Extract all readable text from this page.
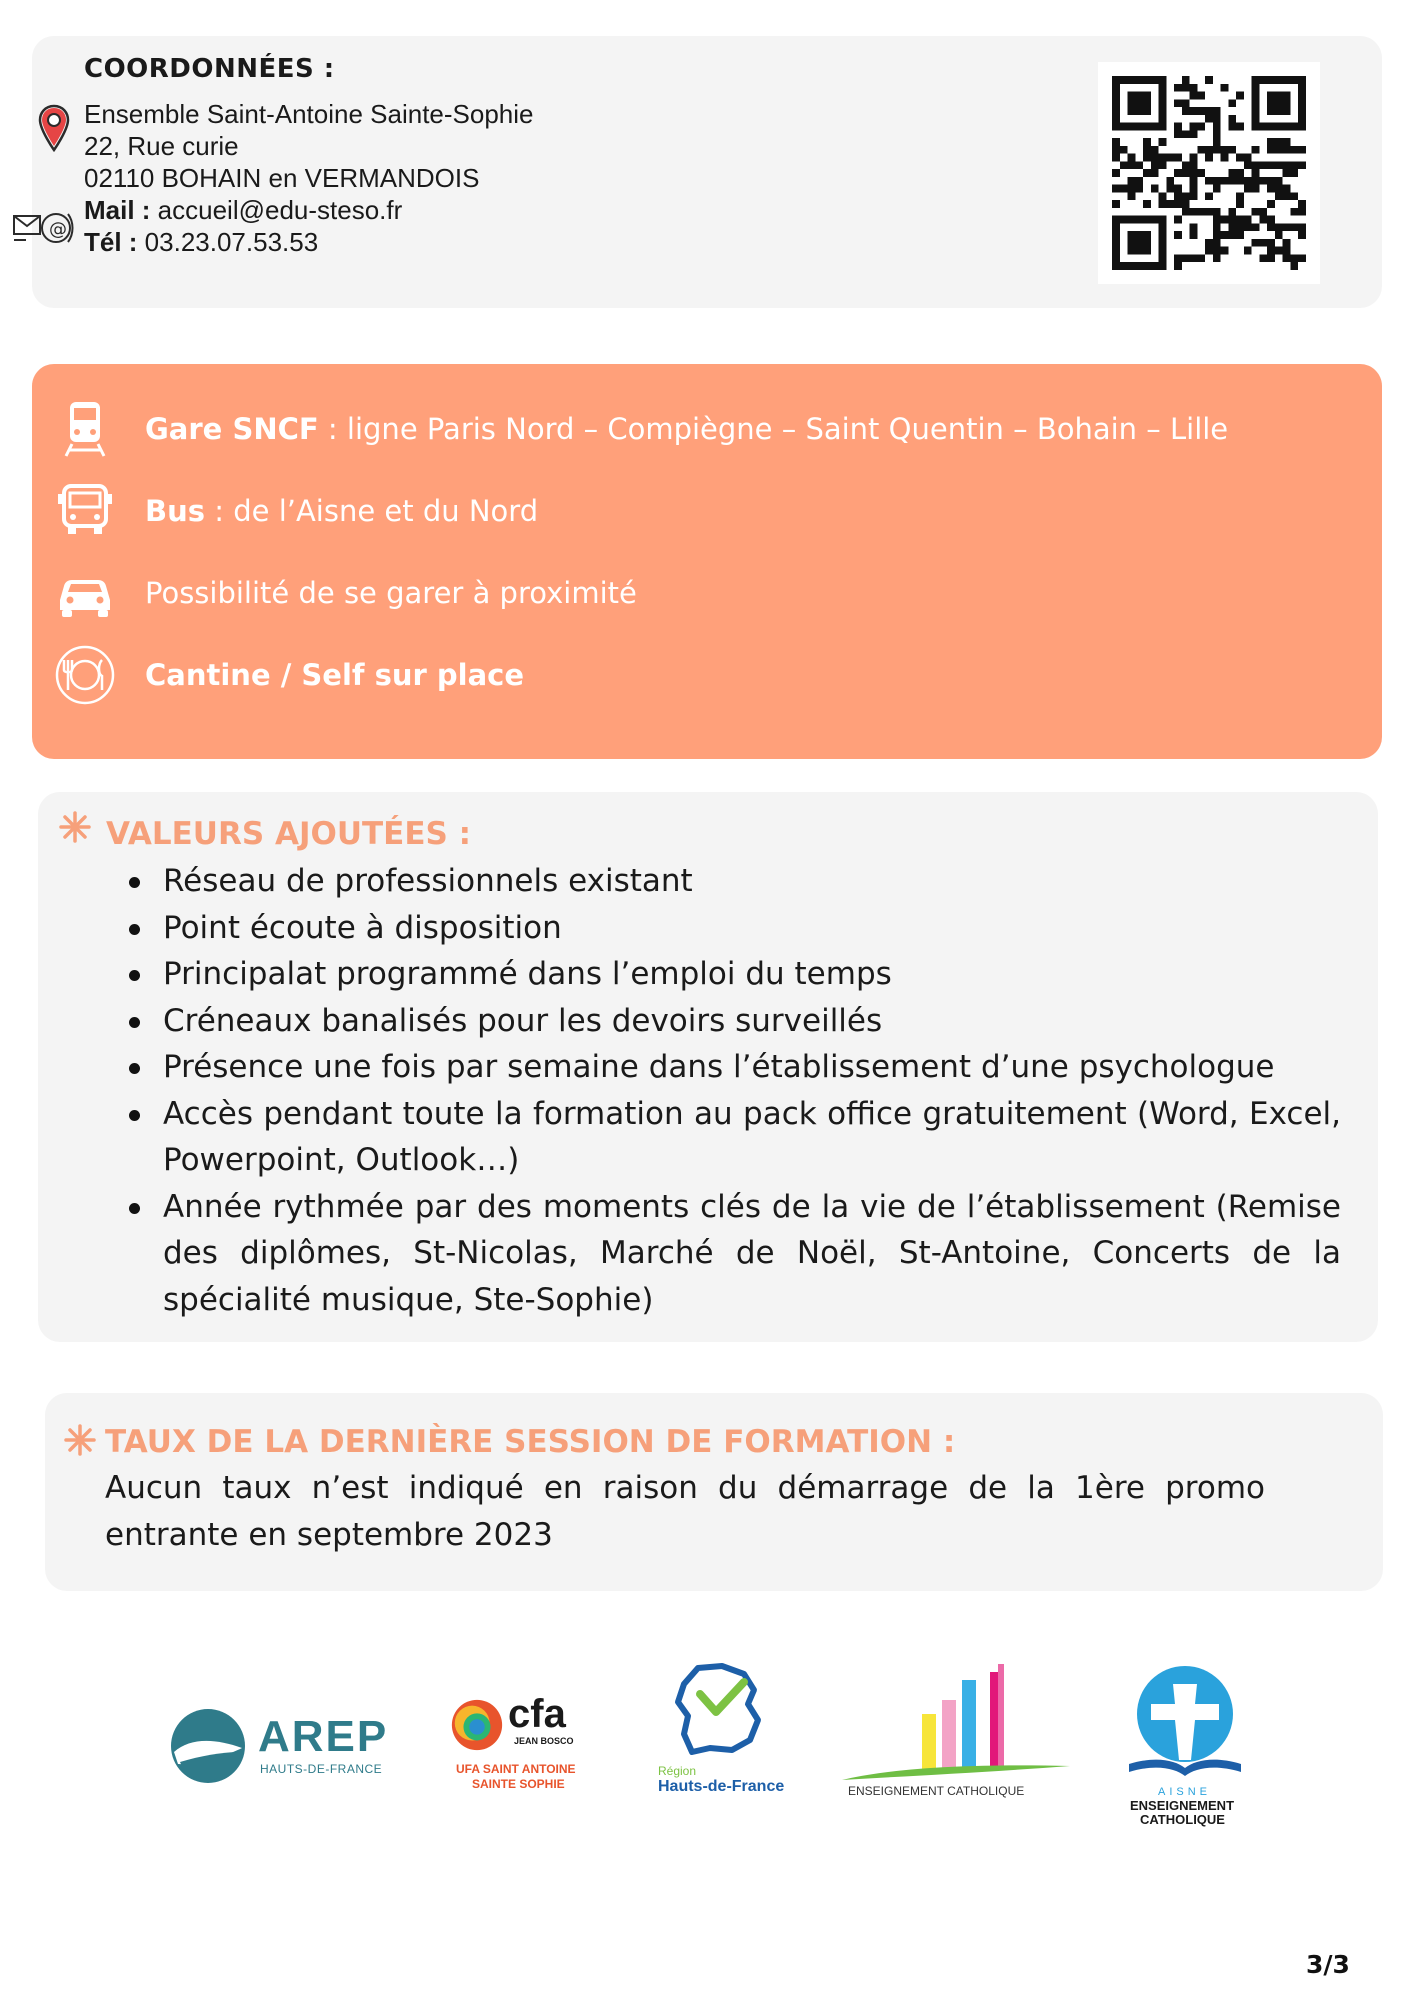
COORDONNÉES :
@
Ensemble Saint-Antoine Sainte-Sophie
22, Rue curie
02110 BOHAIN en VERMANDOIS
Mail : accueil@edu-steso.fr
Tél : 03.23.07.53.53
Gare SNCF : ligne Paris Nord – Compiègne – Saint Quentin – Bohain – Lille
Bus : de l’Aisne et du Nord
Possibilité de se garer à proximité
Cantine / Self sur place
VALEURS AJOUTÉES :
Réseau de professionnels existant
Point écoute à disposition
Principalat programmé dans l’emploi du temps
Créneaux banalisés pour les devoirs surveillés
Présence une fois par semaine dans l’établissement d’une psychologue
Accès pendant toute la formation au pack office gratuitement (Word, Excel, Powerpoint, Outlook…)
Année rythmée par des moments clés de la vie de l’établissement (Remise des diplômes, St-Nicolas, Marché de Noël, St-Antoine, Concerts de la spécialité musique, Ste-Sophie)
TAUX DE LA DERNIÈRE SESSION DE FORMATION :
Aucun taux n’est indiqué en raison du démarrage de la 1ère promo entrante en septembre 2023
AREP
HAUTS-DE-FRANCE
cfa
JEAN BOSCO
UFA SAINT ANTOINE
SAINTE SOPHIE
Région
Hauts-de-France	ENSEIGNEMENT CATHOLIQUE	AISNE
ENSEIGNEMENT
CATHOLIQUE
3/3
